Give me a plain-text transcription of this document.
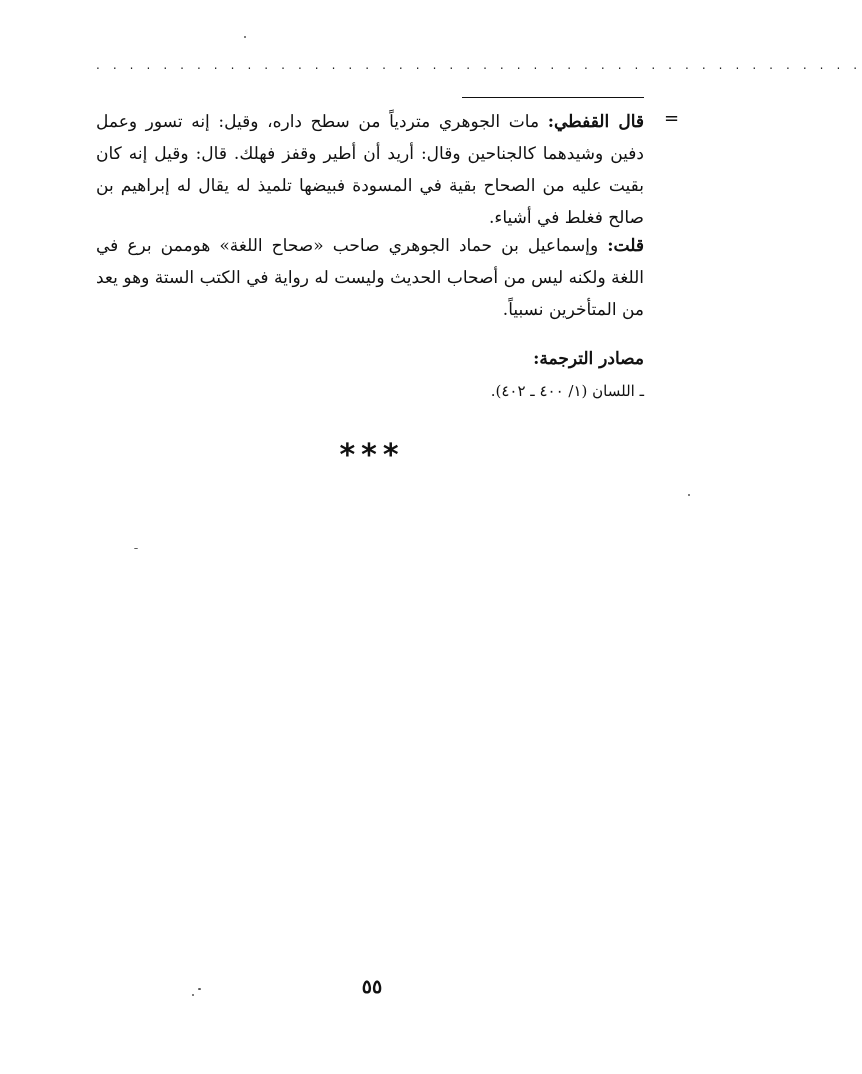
. . . . . . . . . . . . . . . . . . . . . . . . . . . . . . . . . . . . . . . . . . . . . .
=

قال القفطي: مات الجوهري متردياً من سطح داره، وقيل: إنه تسور وعمل دفين وشيدهما كالجناحين وقال: أريد أن أطير وقفز فهلك. قال: وقيل إنه كان بقيت عليه من الصحاح بقية في المسودة فبيضها تلميذ له يقال له إبراهيم بن صالح فغلط في أشياء.

قلت: وإسماعيل بن حماد الجوهري صاحب «صحاح اللغة» هوممن برع في اللغة ولكنه ليس من أصحاب الحديث وليست له رواية في الكتب الستة وهو يعد من المتأخرين نسبياً.

مصادر الترجمة:
ـ اللسان (١/ ٤٠٠ ـ ٤٠٢).
***
٥٥
